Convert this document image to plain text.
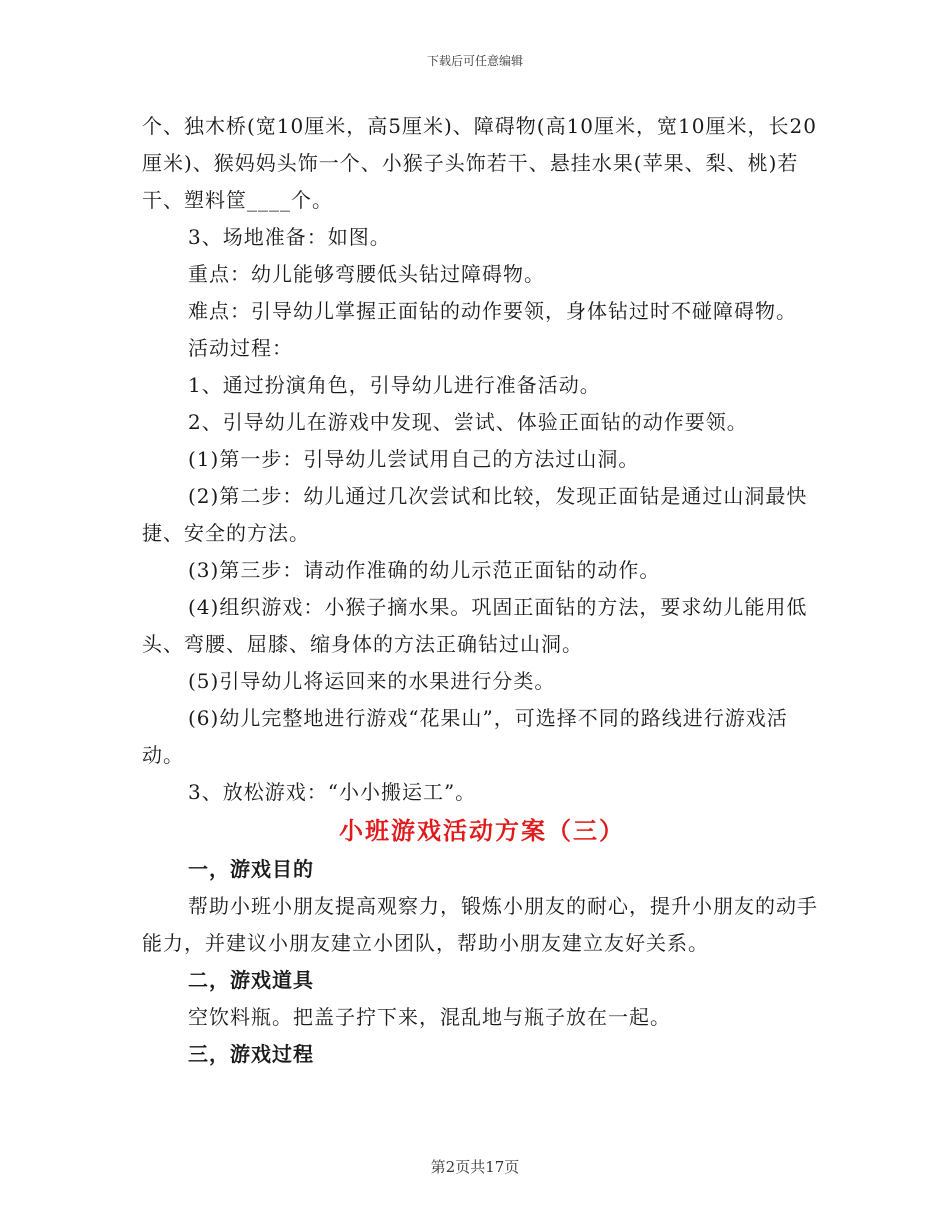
下载后可任意编辑

个、独木桥(宽10厘米，高5厘米)、障碍物(高10厘米，宽10厘米，长20厘米)、猴妈妈头饰一个、小猴子头饰若干、悬挂水果(苹果、梨、桃)若干、塑料筐____个。

3、场地准备：如图。

重点：幼儿能够弯腰低头钻过障碍物。

难点：引导幼儿掌握正面钻的动作要领，身体钻过时不碰障碍物。

活动过程：

1、通过扮演角色，引导幼儿进行准备活动。

2、引导幼儿在游戏中发现、尝试、体验正面钻的动作要领。

(1)第一步：引导幼儿尝试用自己的方法过山洞。

(2)第二步：幼儿通过几次尝试和比较，发现正面钻是通过山洞最快捷、安全的方法。

(3)第三步：请动作准确的幼儿示范正面钻的动作。

(4)组织游戏：小猴子摘水果。巩固正面钻的方法，要求幼儿能用低头、弯腰、屈膝、缩身体的方法正确钻过山洞。

(5)引导幼儿将运回来的水果进行分类。

(6)幼儿完整地进行游戏“花果山”，可选择不同的路线进行游戏活动。

3、放松游戏：“小小搬运工”。

小班游戏活动方案（三）

一，游戏目的

帮助小班小朋友提高观察力，锻炼小朋友的耐心，提升小朋友的动手能力，并建议小朋友建立小团队，帮助小朋友建立友好关系。

二，游戏道具

空饮料瓶。把盖子拧下来，混乱地与瓶子放在一起。

三，游戏过程

第2页共17页
